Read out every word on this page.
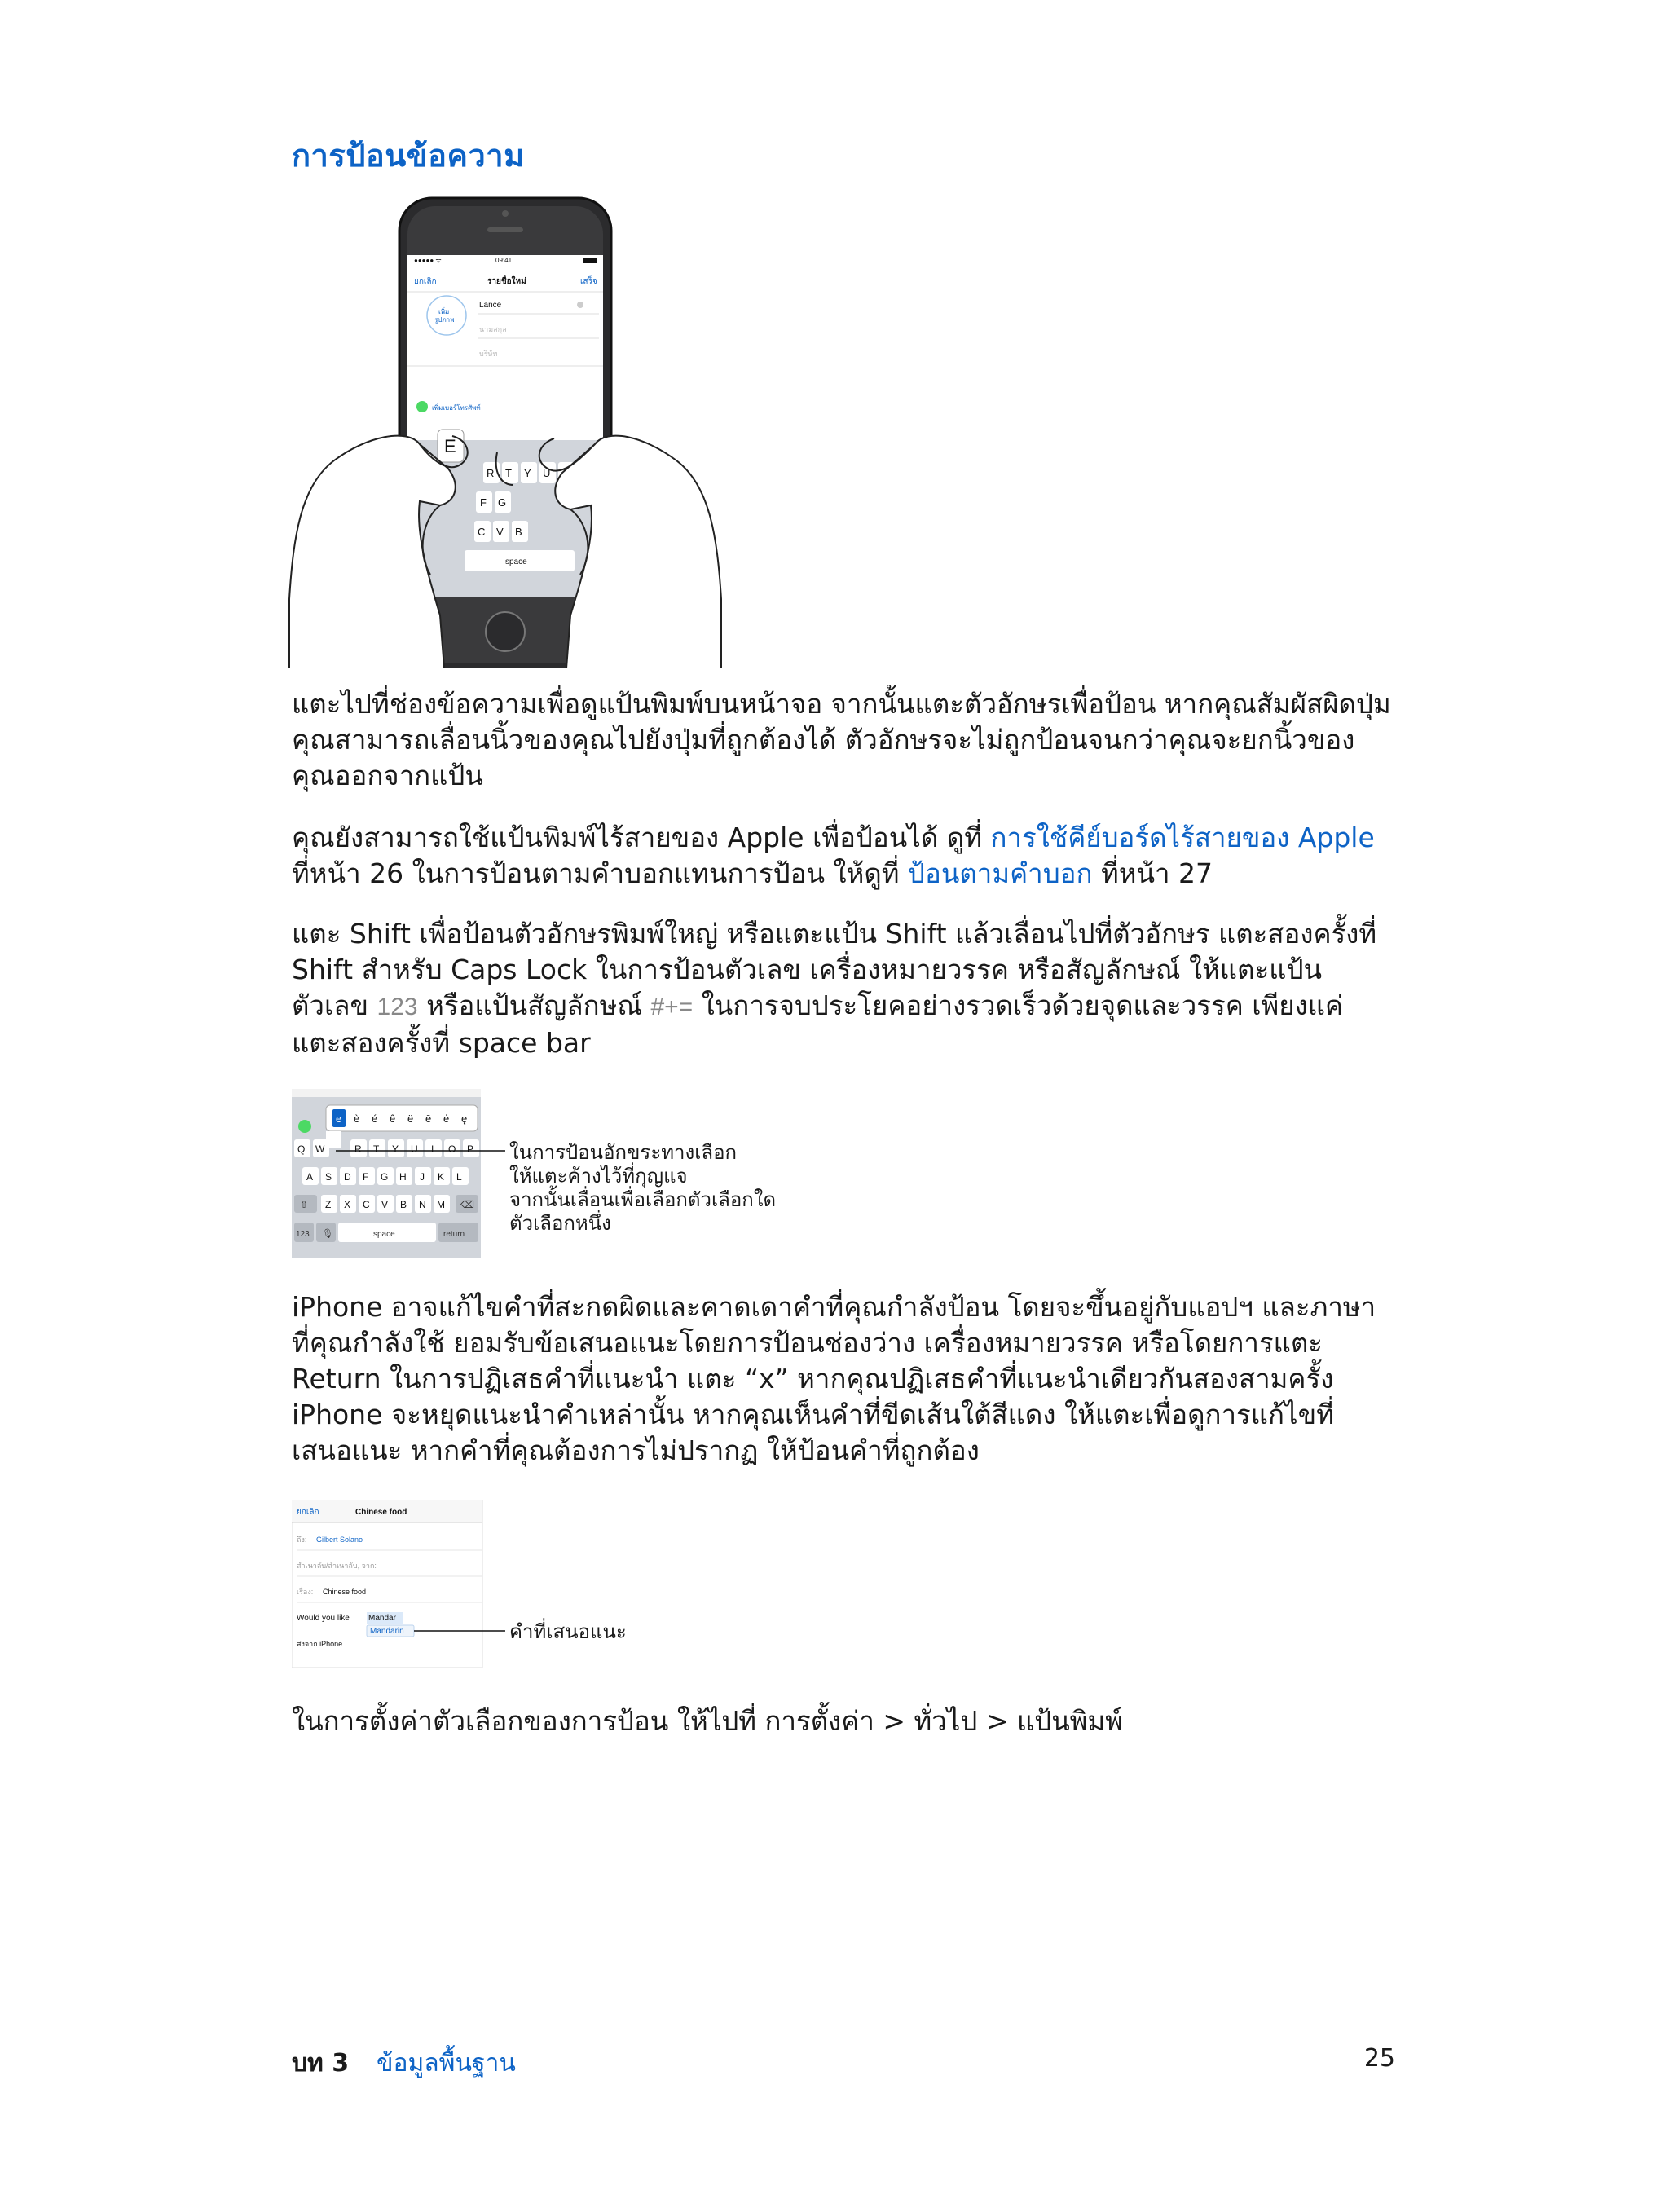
การป้อนข้อความ
●●●●● ᯤ	09:41
ยกเลิก	รายชื่อใหม่	เสร็จ
เพิ่ม
รูปภาพ
Lance
นามสกุล
บริษัท
เพิ่มเบอร์โทรศัพท์
R T Y U
F G
C V B
space
E
แตะไปที่ช่องข้อความเพื่อดูแป้นพิมพ์บนหน้าจอ จากนั้นแตะตัวอักษรเพื่อป้อน หากคุณสัมผัสผิดปุ่ม คุณสามารถเลื่อนนิ้วของคุณไปยังปุ่มที่ถูกต้องได้ ตัวอักษรจะไม่ถูกป้อนจนกว่าคุณจะยกนิ้วของคุณออกจากแป้น
คุณยังสามารถใช้แป้นพิมพ์ไร้สายของ Apple เพื่อป้อนได้ ดูที่ การใช้คีย์บอร์ดไร้สายของ Apple ที่หน้า 26 ในการป้อนตามคำบอกแทนการป้อน ให้ดูที่ ป้อนตามคำบอก ที่หน้า 27
แตะ Shift เพื่อป้อนตัวอักษรพิมพ์ใหญ่ หรือแตะแป้น Shift แล้วเลื่อนไปที่ตัวอักษร แตะสองครั้งที่ Shift สำหรับ Caps Lock ในการป้อนตัวเลข เครื่องหมายวรรค หรือสัญลักษณ์ ให้แตะแป้นตัวเลข 123 หรือแป้นสัญลักษณ์ #+= ในการจบประโยคอย่างรวดเร็วด้วยจุดและวรรค เพียงแค่แตะสองครั้งที่ space bar
e è é ê ë ē ė ę
Q W	R T Y U I O P
A S D F G H J K L
⇧ Z X C V B N M ⌫
123 🎙	space	return
ในการป้อนอักขระทางเลือก
ให้แตะค้างไว้ที่กุญแจ
จากนั้นเลื่อนเพื่อเลือกตัวเลือกใด
ตัวเลือกหนึ่ง
iPhone อาจแก้ไขคำที่สะกดผิดและคาดเดาคำที่คุณกำลังป้อน โดยจะขึ้นอยู่กับแอปฯ และภาษาที่คุณกำลังใช้ ยอมรับข้อเสนอแนะโดยการป้อนช่องว่าง เครื่องหมายวรรค หรือโดยการแตะ Return ในการปฏิเสธคำที่แนะนำ แตะ “x” หากคุณปฏิเสธคำที่แนะนำเดียวกันสองสามครั้ง iPhone จะหยุดแนะนำคำเหล่านั้น หากคุณเห็นคำที่ขีดเส้นใต้สีแดง ให้แตะเพื่อดูการแก้ไขที่เสนอแนะ หากคำที่คุณต้องการไม่ปรากฏ ให้ป้อนคำที่ถูกต้อง
ยกเลิก	Chinese food
ถึง: Gilbert Solano
สำเนาลับ/สำเนาลับ, จาก:
เรื่อง: Chinese food
Would you like Mandar
Mandarin
ส่งจาก iPhone
คำที่เสนอแนะ
ในการตั้งค่าตัวเลือกของการป้อน ให้ไปที่ การตั้งค่า > ทั่วไป > แป้นพิมพ์
บท 3 ข้อมูลพื้นฐาน	25
